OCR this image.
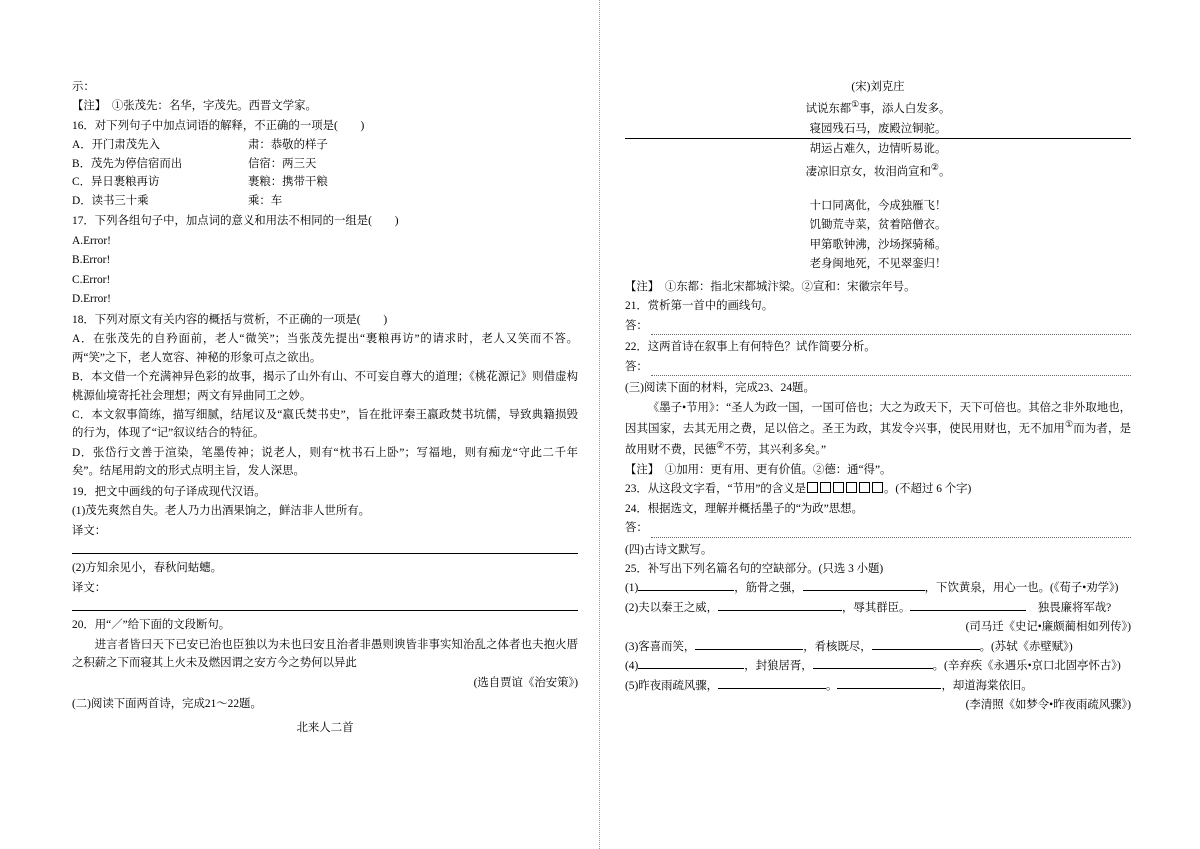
示：

【注】　①张茂先：名华，字茂先。西晋文学家。

16．对下列句子中加点词语的解释，不正确的一项是(　　)

A．开门肃茂先入	肃：恭敬的样子
B．茂先为停信宿而出	信宿：两三天
C．异日裹粮再访	裹粮：携带干粮
D．读书三十乘	乘：车

17．下列各组句子中，加点词的意义和用法不相同的一组是(　　)

A.Error!

B.Error!

C.Error!

D.Error!

18．下列对原文有关内容的概括与赏析，不正确的一项是(　　)

A．在张茂先的自矜面前，老人“微笑”；当张茂先提出“裹粮再访”的请求时，老人又笑而不答。两“笑”之下，老人宽容、神秘的形象可点之欲出。

B．本文借一个充满神异色彩的故事，揭示了山外有山、不可妄自尊大的道理；《桃花源记》则借虚构桃源仙境寄托社会理想；两文有异曲同工之妙。

C．本文叙事简练，描写细腻，结尾议及“嬴氏焚书史”，旨在批评秦王嬴政焚书坑儒，导致典籍损毁的行为，体现了“记”叙议结合的特征。

D．张岱行文善于渲染，笔墨传神；说老人，则有“枕书石上卧”；写福地，则有痴龙“守此二千年矣”。结尾用韵文的形式点明主旨，发人深思。

19．把文中画线的句子译成现代汉语。

(1)茂先爽然自失。老人乃力出酒果饷之，鲜洁非人世所有。

译文：

(2)方知余见小，春秋问蛄蟪。

译文：

20．用“／”给下面的文段断句。

进言者皆曰天下已安已治也臣独以为未也曰安且治者非愚则谀皆非事实知治乱之体者也夫抱火厝之积薪之下而寝其上火未及燃因谓之安方今之势何以异此

(选自贾谊《治安策》)

(二)阅读下面两首诗，完成21～22题。

北来人二首

(宋)刘克庄

试说东都①事，添人白发多。

寝园残石马，废殿泣铜驼。

胡运占难久，边情听易讹。

凄凉旧京女，妆泪尚宣和②。

十口同离仳，今成独雁飞！

饥锄荒寺菜，贫着陪僧衣。

甲第歌钟沸，沙场探骑稀。

老身闽地死，不见翠銮归！

【注】　①东都：指北宋都城汴梁。②宣和：宋徽宗年号。

21．赏析第一首中的画线句。

答：

22．这两首诗在叙事上有何特色？试作简要分析。

答：

(三)阅读下面的材料，完成23、24题。

《墨子•节用》：“圣人为政一国，一国可倍也；大之为政天下，天下可倍也。其倍之非外取地也，因其国家，去其无用之费，足以倍之。圣王为政，其发令兴事，使民用财也，无不加用①而为者，是故用财不费，民德②不劳，其兴利多矣。”

【注】　①加用：更有用、更有价值。②德：通“得”。

23．从这段文字看，“节用”的含义是	。(不超过 6 个字)

24．根据选文，理解并概括墨子的“为政”思想。

答：

(四)古诗文默写。

25．补写出下列名篇名句的空缺部分。(只选 3 小题)

(1)	，筋骨之强，	，下饮黄泉，用心一也。(《荀子•劝学》)

(2)夫以秦王之威，	，辱其群臣。	　独畏廉将军哉?

(司马迁《史记•廉颇蔺相如列传》)

(3)客喜而笑，	，肴核既尽，	。(苏轼《赤壁赋》)

(4)	，封狼居胥，	。(辛弃疾《永遇乐•京口北固亭怀古》)

(5)昨夜雨疏风骤，	。	，却道海棠依旧。

(李清照《如梦令•昨夜雨疏风骤》)
